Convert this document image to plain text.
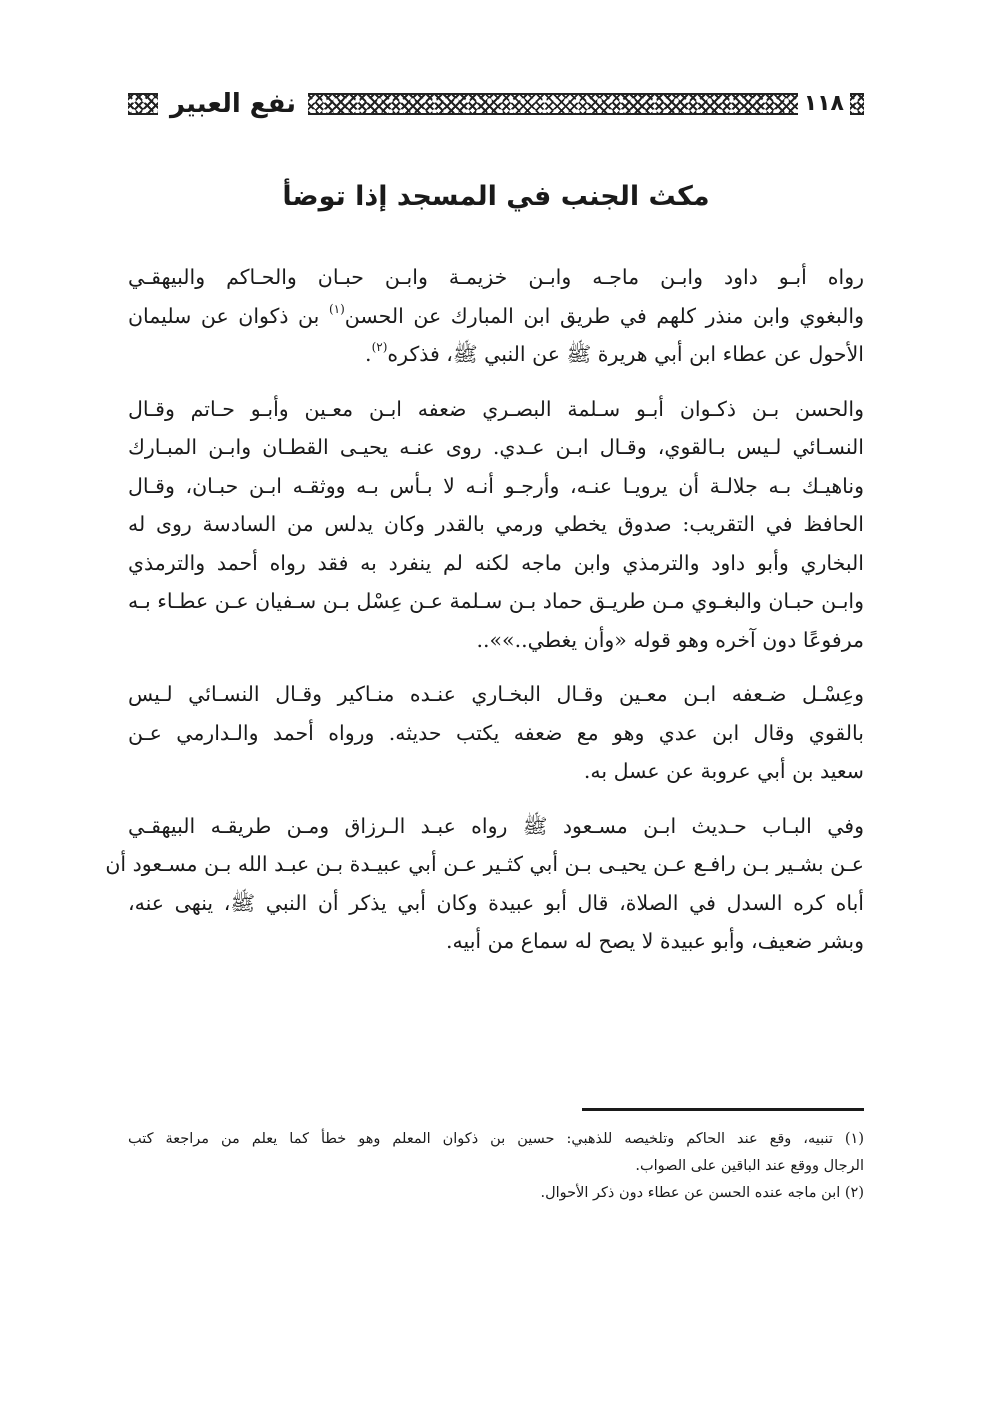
١١٨
نفع العبير
مكث الجنب في المسجد إذا توضأ

رواه أبـو داود وابـن ماجـه وابـن خزيمـة وابـن حبـان والحـاكم والبيهقـي
والبغوي وابن منذر كلهم في طريق ابن المبارك عن الحسن$^{(١)}$ بن ذكوان عن سليمان
الأحول عن عطاء ابن أبي هريرة ﷺ عن النبي ﷺ، فذكره$^{(٢)}$.

والحسن بـن ذكـوان أبـو سـلمة البصـري ضعفه ابـن معـين وأبـو حـاتم وقـال
النسـائي لـيس بـالقوي، وقـال ابـن عـدي. روى عنـه يحيـى القطـان وابـن المبـارك
وناهيـك بـه جلالـة أن يرويـا عنـه، وأرجـو أنـه لا بـأس بـه ووثقـه ابـن حبـان، وقـال
الحافظ في التقريب: صدوق يخطي ورمي بالقدر وكان يدلس من السادسة روى له
البخاري وأبو داود والترمذي وابن ماجه لكنه لم ينفرد به فقد رواه أحمد والترمذي
وابـن حبـان والبغـوي مـن طريـق حماد بـن سـلمة عـن عِسْل بـن سـفيان عـن عطـاء بـه
مرفوعًا دون آخره وهو قوله «وأن يغطي..»»..

وعِسْـل ضـعفه ابـن معـين وقـال البخـاري عنـده منـاكير وقـال النسـائي لـيس
بالقوي وقال ابن عدي وهو مع ضعفه يكتب حديثه. ورواه أحمد والـدارمي عـن
سعيد بن أبي عروبة عن عسل به.

وفي البـاب حـديث ابـن مسـعود ﷺ رواه عبـد الـرزاق ومـن طريقـه البيهقـي
عـن بشـير بـن رافـع عـن يحيـى بـن أبي كثـير عـن أبي عبيـدة بـن عبـد الله بـن مسـعود أن
أباه كره السدل في الصلاة، قال أبو عبيدة وكان أبي يذكر أن النبي ﷺ، ينهى عنه،
وبشر ضعيف، وأبو عبيدة لا يصح له سماع من أبيه.

(١) تنبيه، وقع عند الحاكم وتلخيصه للذهبي: حسين بن ذكوان المعلم وهو خطأ كما يعلم من مراجعة كتب
الرجال ووقع عند الباقين على الصواب.
(٢) ابن ماجه عنده الحسن عن عطاء دون ذكر الأحوال.
